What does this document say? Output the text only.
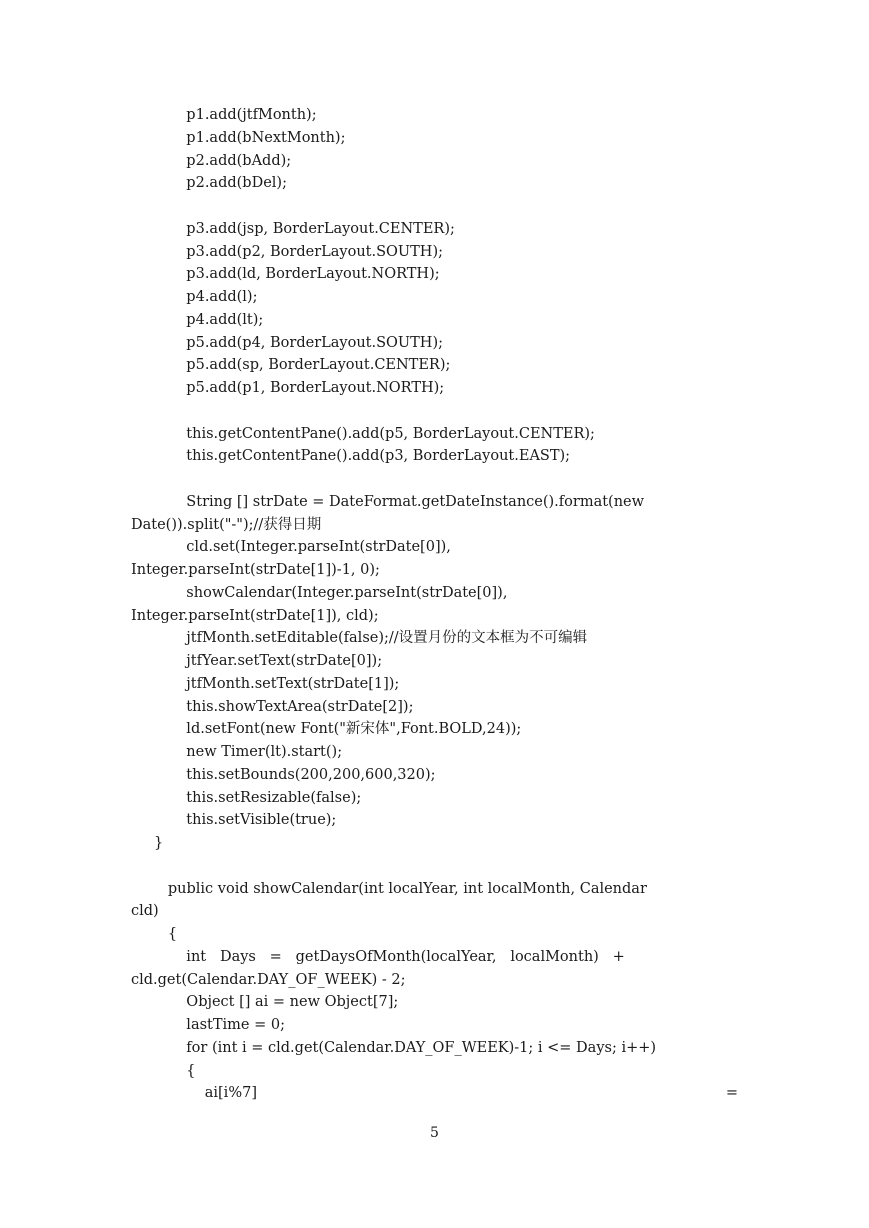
p1.add(jtfMonth);
p1.add(bNextMonth);
p2.add(bAdd);
p2.add(bDel);
p3.add(jsp, BorderLayout.CENTER);
p3.add(p2, BorderLayout.SOUTH);
p3.add(ld, BorderLayout.NORTH);
p4.add(l);
p4.add(lt);
p5.add(p4, BorderLayout.SOUTH);
p5.add(sp, BorderLayout.CENTER);
p5.add(p1, BorderLayout.NORTH);
this.getContentPane().add(p5, BorderLayout.CENTER);
this.getContentPane().add(p3, BorderLayout.EAST);
String [] strDate = DateFormat.getDateInstance().format(new
Date()).split("-");//获得日期
cld.set(Integer.parseInt(strDate[0]),
Integer.parseInt(strDate[1])-1, 0);
showCalendar(Integer.parseInt(strDate[0]),
Integer.parseInt(strDate[1]), cld);
jtfMonth.setEditable(false);//设置月份的文本框为不可编辑
jtfYear.setText(strDate[0]);
jtfMonth.setText(strDate[1]);
this.showTextArea(strDate[2]);
ld.setFont(new Font("新宋体",Font.BOLD,24));
new Timer(lt).start();
this.setBounds(200,200,600,320);
this.setResizable(false);
this.setVisible(true);
}
public void showCalendar(int localYear, int localMonth, Calendar
cld)
{
int   Days   =   getDaysOfMonth(localYear,   localMonth)   +
cld.get(Calendar.DAY_OF_WEEK) - 2;
Object [] ai = new Object[7];
lastTime = 0;
for (int i = cld.get(Calendar.DAY_OF_WEEK)-1; i <= Days; i++)
{
ai[i%7]	=
5
